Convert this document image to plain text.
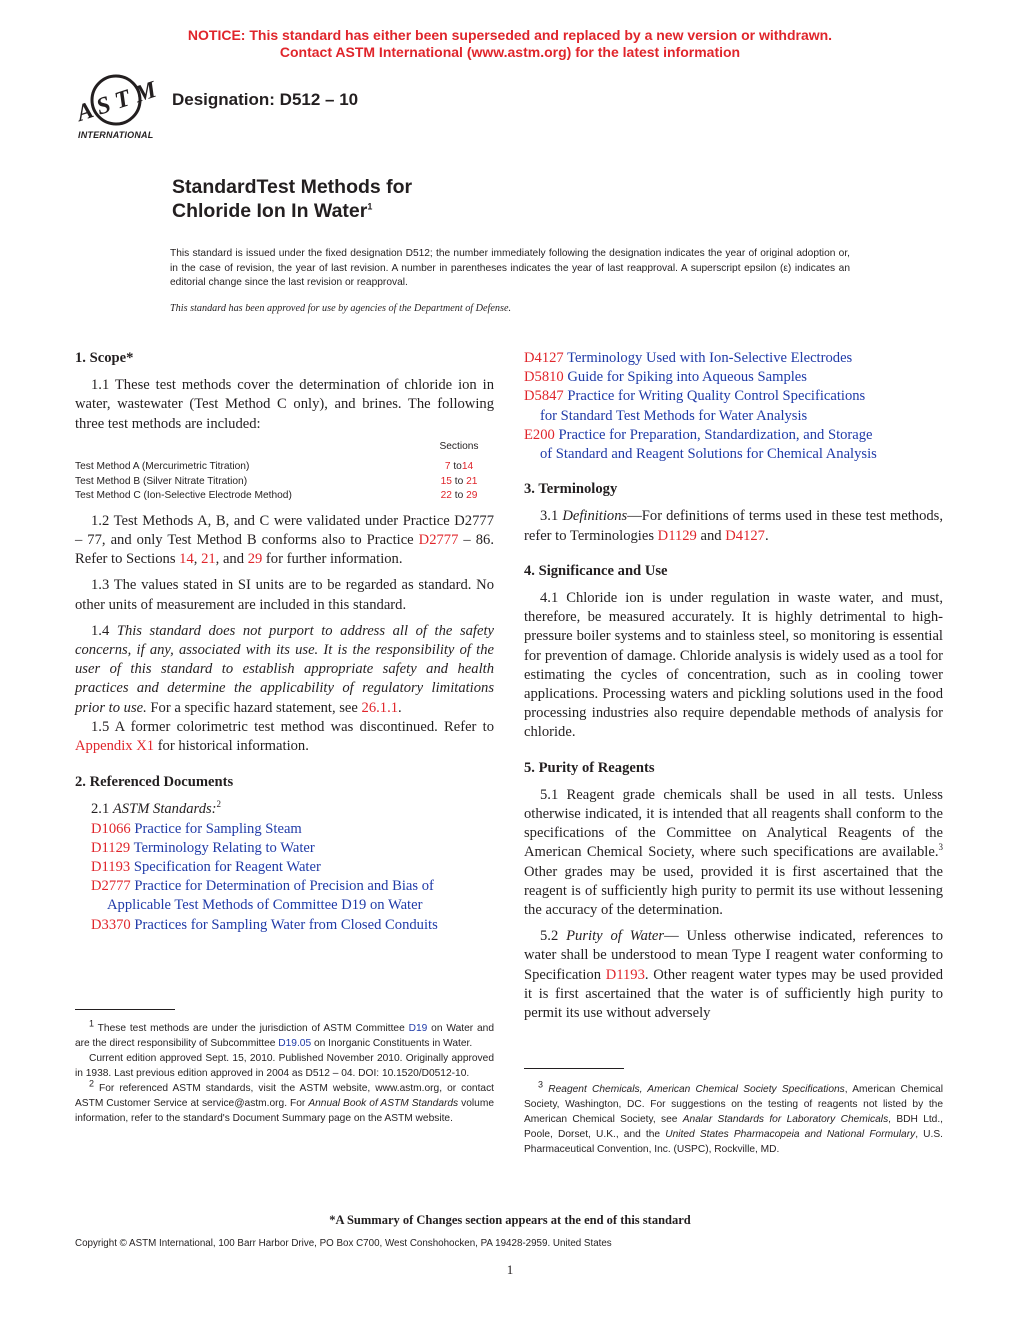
NOTICE: This standard has either been superseded and replaced by a new version or withdrawn.
Contact ASTM International (www.astm.org) for the latest information
A S T M
INTERNATIONAL
Designation: D512 – 10
StandardTest Methods for
Chloride Ion In Water$^1$
This standard is issued under the fixed designation D512; the number immediately following the designation indicates the year of original adoption or, in the case of revision, the year of last revision. A number in parentheses indicates the year of last reapproval. A superscript epsilon (ε) indicates an editorial change since the last revision or reapproval.
This standard has been approved for use by agencies of the Department of Defense.
1. Scope*

1.1 These test methods cover the determination of chloride ion in water, wastewater (Test Method C only), and brines. The following three test methods are included:

Sections
Test Method A (Mercurimetric Titration)	7 to14
Test Method B (Silver Nitrate Titration)	15 to 21
Test Method C (Ion-Selective Electrode Method)	22 to 29

1.2 Test Methods A, B, and C were validated under Practice D2777 – 77, and only Test Method B conforms also to Practice D2777 – 86. Refer to Sections 14, 21, and 29 for further information.

1.3 The values stated in SI units are to be regarded as standard. No other units of measurement are included in this standard.

1.4 This standard does not purport to address all of the safety concerns, if any, associated with its use. It is the responsibility of the user of this standard to establish appropriate safety and health practices and determine the applicability of regulatory limitations prior to use. For a specific hazard statement, see 26.1.1.

1.5 A former colorimetric test method was discontinued. Refer to Appendix X1 for historical information.

2. Referenced Documents

2.1 ASTM Standards:$^2$

D1066 Practice for Sampling Steam
D1129 Terminology Relating to Water
D1193 Specification for Reagent Water
D2777 Practice for Determination of Precision and Bias of
Applicable Test Methods of Committee D19 on Water
D3370 Practices for Sampling Water from Closed Conduits

$^1$ These test methods are under the jurisdiction of ASTM Committee D19 on Water and are the direct responsibility of Subcommittee D19.05 on Inorganic Constituents in Water.

Current edition approved Sept. 15, 2010. Published November 2010. Originally approved in 1938. Last previous edition approved in 2004 as D512 – 04. DOI: 10.1520/D0512-10.

$^2$ For referenced ASTM standards, visit the ASTM website, www.astm.org, or contact ASTM Customer Service at service@astm.org. For Annual Book of ASTM Standards volume information, refer to the standard's Document Summary page on the ASTM website.

D4127 Terminology Used with Ion-Selective Electrodes
D5810 Guide for Spiking into Aqueous Samples
D5847 Practice for Writing Quality Control Specifications
for Standard Test Methods for Water Analysis
E200 Practice for Preparation, Standardization, and Storage
of Standard and Reagent Solutions for Chemical Analysis
3. Terminology

3.1 Definitions—For definitions of terms used in these test methods, refer to Terminologies D1129 and D4127.

4. Significance and Use

4.1 Chloride ion is under regulation in waste water, and must, therefore, be measured accurately. It is highly detrimental to high-pressure boiler systems and to stainless steel, so monitoring is essential for prevention of damage. Chloride analysis is widely used as a tool for estimating the cycles of concentration, such as in cooling tower applications. Processing waters and pickling solutions used in the food processing industries also require dependable methods of analysis for chloride.

5. Purity of Reagents

5.1 Reagent grade chemicals shall be used in all tests. Unless otherwise indicated, it is intended that all reagents shall conform to the specifications of the Committee on Analytical Reagents of the American Chemical Society, where such specifications are available.$^3$ Other grades may be used, provided it is first ascertained that the reagent is of sufficiently high purity to permit its use without lessening the accuracy of the determination.

5.2 Purity of Water— Unless otherwise indicated, references to water shall be understood to mean Type I reagent water conforming to Specification D1193. Other reagent water types may be used provided it is first ascertained that the water is of sufficiently high purity to permit its use without adversely

$^3$ Reagent Chemicals, American Chemical Society Specifications, American Chemical Society, Washington, DC. For suggestions on the testing of reagents not listed by the American Chemical Society, see Analar Standards for Laboratory Chemicals, BDH Ltd., Poole, Dorset, U.K., and the United States Pharmacopeia and National Formulary, U.S. Pharmaceutical Convention, Inc. (USPC), Rockville, MD.

*A Summary of Changes section appears at the end of this standard
Copyright © ASTM International, 100 Barr Harbor Drive, PO Box C700, West Conshohocken, PA 19428-2959. United States
1
